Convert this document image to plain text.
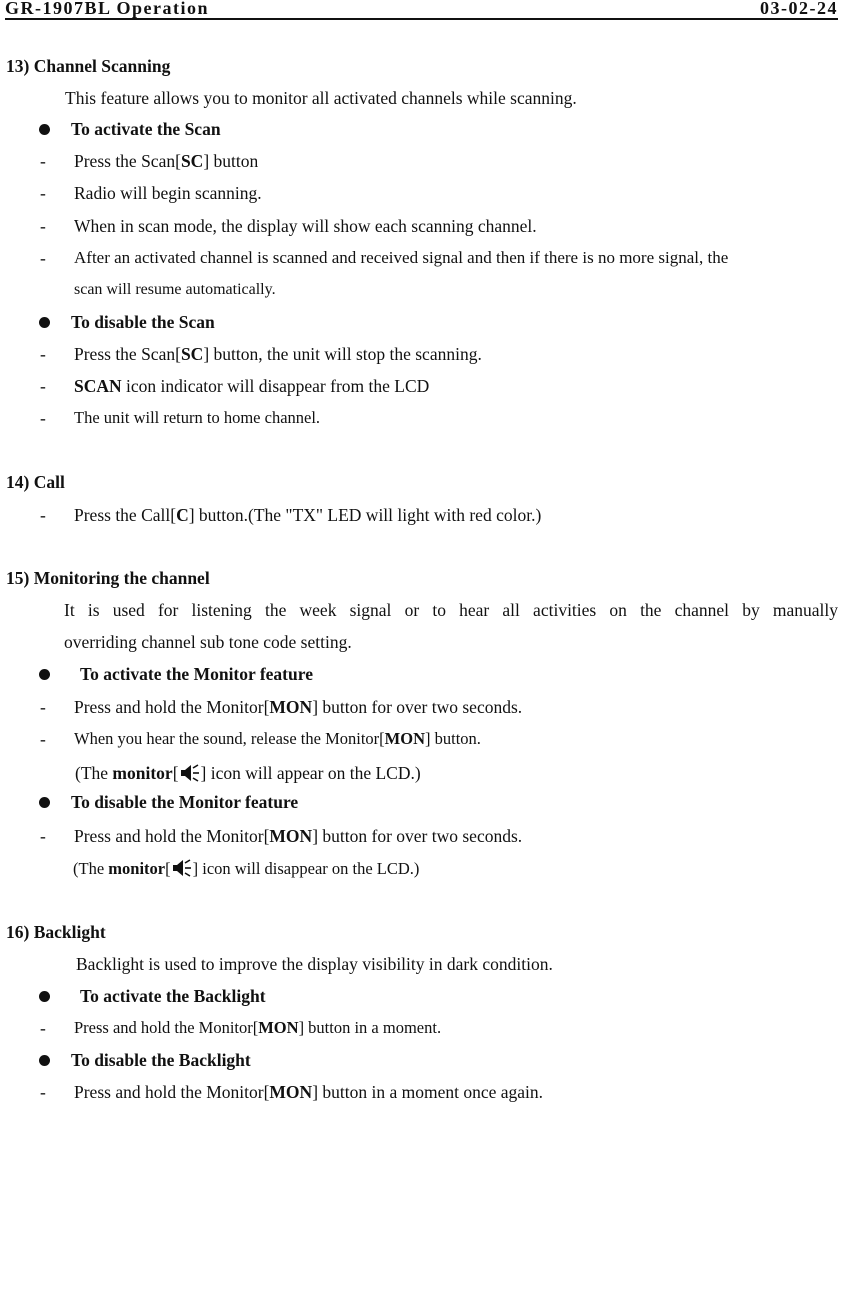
GR-1907BL Operation	03-02-24
13) Channel Scanning
This feature allows you to monitor all activated channels while scanning.
To activate the Scan
- Press the Scan[SC] button
- Radio will begin scanning.
- When in scan mode, the display will show each scanning channel.
- After an activated channel is scanned and received signal and then if there is no more signal, the
scan will resume automatically.
To disable the Scan
- Press the Scan[SC] button, the unit will stop the scanning.
- SCAN icon indicator will disappear from the LCD
- The unit will return to home channel.
14) Call
- Press the Call[C] button.(The "TX" LED will light with red color.)
15) Monitoring the channel
It is used for listening the week signal or to hear all activities on the channel by manually
overriding channel sub tone code setting.
To activate the Monitor feature
- Press and hold the Monitor[MON] button for over two seconds.
- When you hear the sound, release the Monitor[MON] button.
(The monitor[ ] icon will appear on the LCD.)
To disable the Monitor feature
- Press and hold the Monitor[MON] button for over two seconds.
(The monitor[ ] icon will disappear on the LCD.)
16) Backlight
Backlight is used to improve the display visibility in dark condition.
To activate the Backlight
- Press and hold the Monitor[MON] button in a moment.
To disable the Backlight
- Press and hold the Monitor[MON] button in a moment once again.
